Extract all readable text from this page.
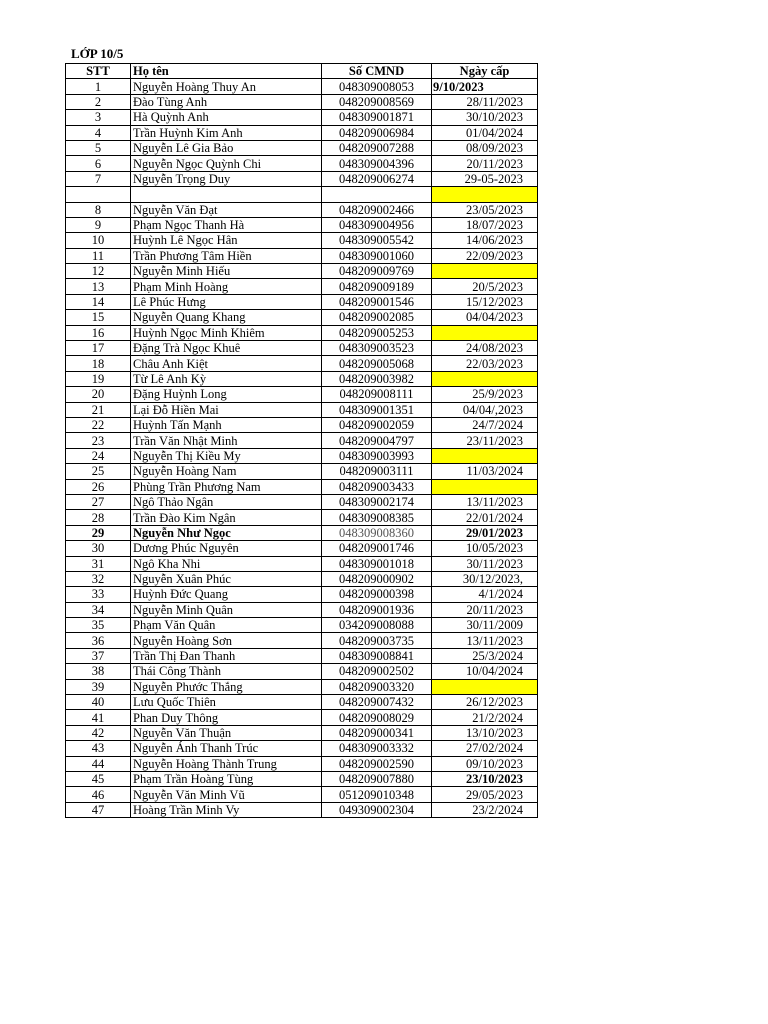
LỚP 10/5
STT	Họ tên	Số CMND	Ngày cấp
1	Nguyễn Hoàng Thuy An	048309008053	9/10/2023
2	Đào Tùng Anh	048209008569	28/11/2023
3	Hà Quỳnh Anh	048309001871	30/10/2023
4	Trần Huỳnh Kim Anh	048209006984	01/04/2024
5	Nguyễn Lê Gia Bảo	048209007288	08/09/2023
6	Nguyễn Ngọc Quỳnh Chi	048309004396	20/11/2023
7	Nguyễn Trọng Duy	048209006274	29-05-2023

8	Nguyễn Văn Đạt	048209002466	23/05/2023
9	Phạm Ngọc Thanh Hà	048309004956	18/07/2023
10	Huỳnh Lê Ngọc Hân	048309005542	14/06/2023
11	Trần Phương Tâm Hiền	048309001060	22/09/2023
12	Nguyễn Minh Hiếu	048209009769	
13	Phạm Minh Hoàng	048209009189	20/5/2023
14	Lê Phúc Hưng	048209001546	15/12/2023
15	Nguyễn Quang Khang	048209002085	04/04/2023
16	Huỳnh Ngọc Minh Khiêm	048209005253	
17	Đặng Trà Ngọc Khuê	048309003523	24/08/2023
18	Châu Anh Kiệt	048209005068	22/03/2023
19	Từ Lê Anh Kỳ	048209003982	
20	Đặng Huỳnh Long	048209008111	25/9/2023
21	Lại Đỗ Hiền Mai	048309001351	04/04/,2023
22	Huỳnh Tấn Mạnh	048209002059	24/7/2024
23	Trần Văn Nhật Minh	048209004797	23/11/2023
24	Nguyễn Thị Kiều My	048309003993	
25	Nguyễn Hoàng Nam	048209003111	11/03/2024
26	Phùng Trần Phương Nam	048209003433	
27	Ngô Thảo Ngân	048309002174	13/11/2023
28	Trần Đào Kim Ngân	048309008385	22/01/2024
29	Nguyễn Như Ngọc	048309008360	29/01/2023
30	Dương Phúc Nguyên	048209001746	10/05/2023
31	Ngô Kha Nhi	048309001018	30/11/2023
32	Nguyễn Xuân Phúc	048209000902	30/12/2023,
33	Huỳnh Đức Quang	048209000398	4/1/2024
34	Nguyễn Minh Quân	048209001936	20/11/2023
35	Phạm Văn Quân	034209008088	30/11/2009
36	Nguyễn Hoàng Sơn	048209003735	13/11/2023
37	Trần Thị Đan Thanh	048309008841	25/3/2024
38	Thái Công Thành	048209002502	10/04/2024
39	Nguyễn Phước Thắng	048209003320	
40	Lưu Quốc Thiên	048209007432	26/12/2023
41	Phan Duy Thông	048209008029	21/2/2024
42	Nguyễn Văn Thuận	048209000341	13/10/2023
43	Nguyễn Ánh Thanh Trúc	048309003332	27/02/2024
44	Nguyễn Hoàng Thành Trung	048209002590	09/10/2023
45	Phạm Trần Hoàng Tùng	048209007880	23/10/2023
46	Nguyễn Văn Minh Vũ	051209010348	29/05/2023
47	Hoàng Trần Minh Vy	049309002304	23/2/2024
